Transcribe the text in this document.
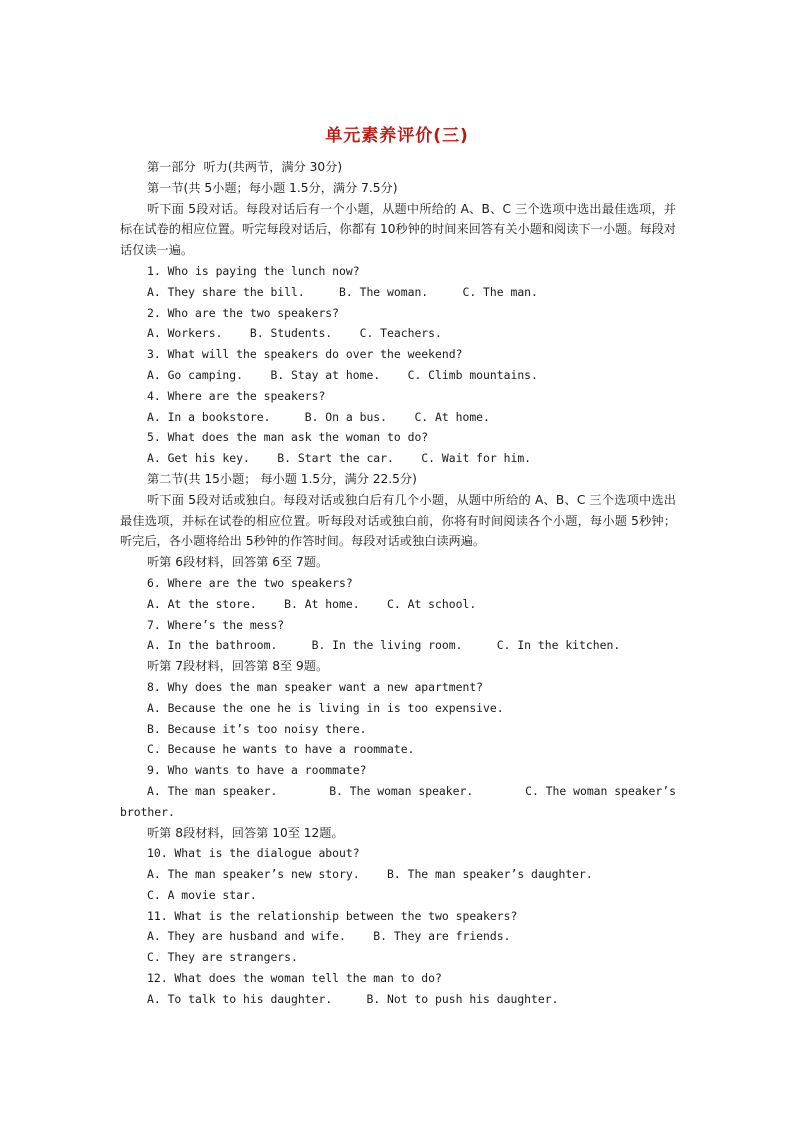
单元素养评价(三)
第一部分  听力(共两节，满分 30分)
第一节(共 5小题；每小题 1.5分，满分 7.5分)
听下面 5段对话。每段对话后有一个小题，从题中所给的 A、B、C 三个选项中选出最佳选项，并标在试卷的相应位置。听完每段对话后，你都有 10秒钟的时间来回答有关小题和阅读下一小题。每段对话仅读一遍。
1. Who is paying the lunch now?
A. They share the bill.     B. The woman.     C. The man.
2. Who are the two speakers?
A. Workers.    B. Students.    C. Teachers.
3. What will the speakers do over the weekend?
A. Go camping.    B. Stay at home.    C. Climb mountains.
4. Where are the speakers?
A. In a bookstore.     B. On a bus.    C. At home.
5. What does the man ask the woman to do?
A. Get his key.    B. Start the car.    C. Wait for him.
第二节(共 15小题； 每小题 1.5分，满分 22.5分)
听下面 5段对话或独白。每段对话或独白后有几个小题，从题中所给的 A、B、C 三个选项中选出最佳选项，并标在试卷的相应位置。听每段对话或独白前，你将有时间阅读各个小题，每小题 5秒钟； 听完后，各小题将给出 5秒钟的作答时间。每段对话或独白读两遍。
听第 6段材料，回答第 6至 7题。
6. Where are the two speakers?
A. At the store.    B. At home.    C. At school.
7. Where’s the mess?
A. In the bathroom.     B. In the living room.     C. In the kitchen.
听第 7段材料，回答第 8至 9题。
8. Why does the man speaker want a new apartment?
A. Because the one he is living in is too expensive.
B. Because it’s too noisy there.
C. Because he wants to have a roommate.
9. Who wants to have a roommate?
A. The man speaker.	B. The woman speaker.	C. The woman speaker’s
brother.
听第 8段材料，回答第 10至 12题。
10. What is the dialogue about?
A. The man speaker’s new story.    B. The man speaker’s daughter.
C. A movie star.
11. What is the relationship between the two speakers?
A. They are husband and wife.    B. They are friends.
C. They are strangers.
12. What does the woman tell the man to do?
A. To talk to his daughter.     B. Not to push his daughter.
